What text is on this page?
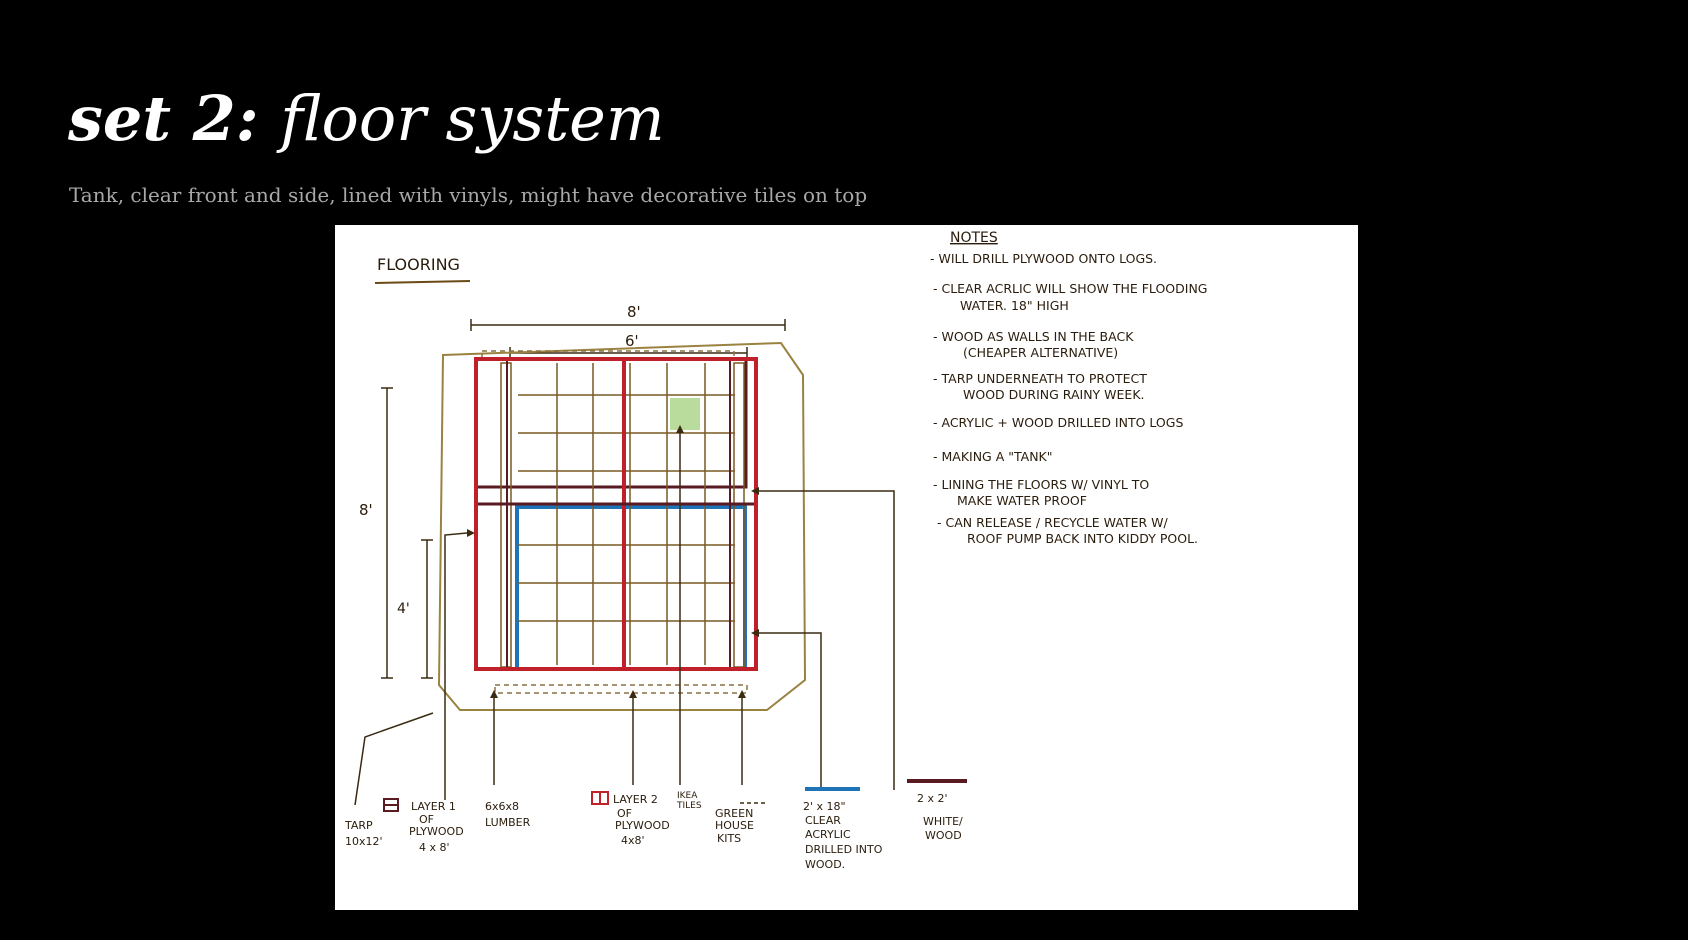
set 2: floor system
Tank, clear front and side, lined with vinyls, might have decorative tiles on top
FLOORING
8'
6'
8'
4'
NOTES
- WILL DRILL PLYWOOD ONTO LOGS.
- CLEAR ACRLIC WILL SHOW THE FLOODING
WATER. 18" HIGH
- WOOD AS WALLS IN THE BACK
(CHEAPER ALTERNATIVE)
- TARP UNDERNEATH TO PROTECT
WOOD DURING RAINY WEEK.
- ACRYLIC + WOOD DRILLED INTO LOGS
- MAKING A "TANK"
- LINING THE FLOORS W/ VINYL TO
MAKE WATER PROOF
- CAN RELEASE / RECYCLE WATER W/
ROOF PUMP BACK INTO KIDDY POOL.
TARP
10x12'
LAYER 1
OF
PLYWOOD
4 x 8'
6x6x8
LUMBER
LAYER 2
OF
PLYWOOD
4x8'
IKEA
TILES
GREEN
HOUSE
KITS
2' x 18"
CLEAR
ACRYLIC
DRILLED INTO
WOOD.
2 x 2'
WHITE/
WOOD
